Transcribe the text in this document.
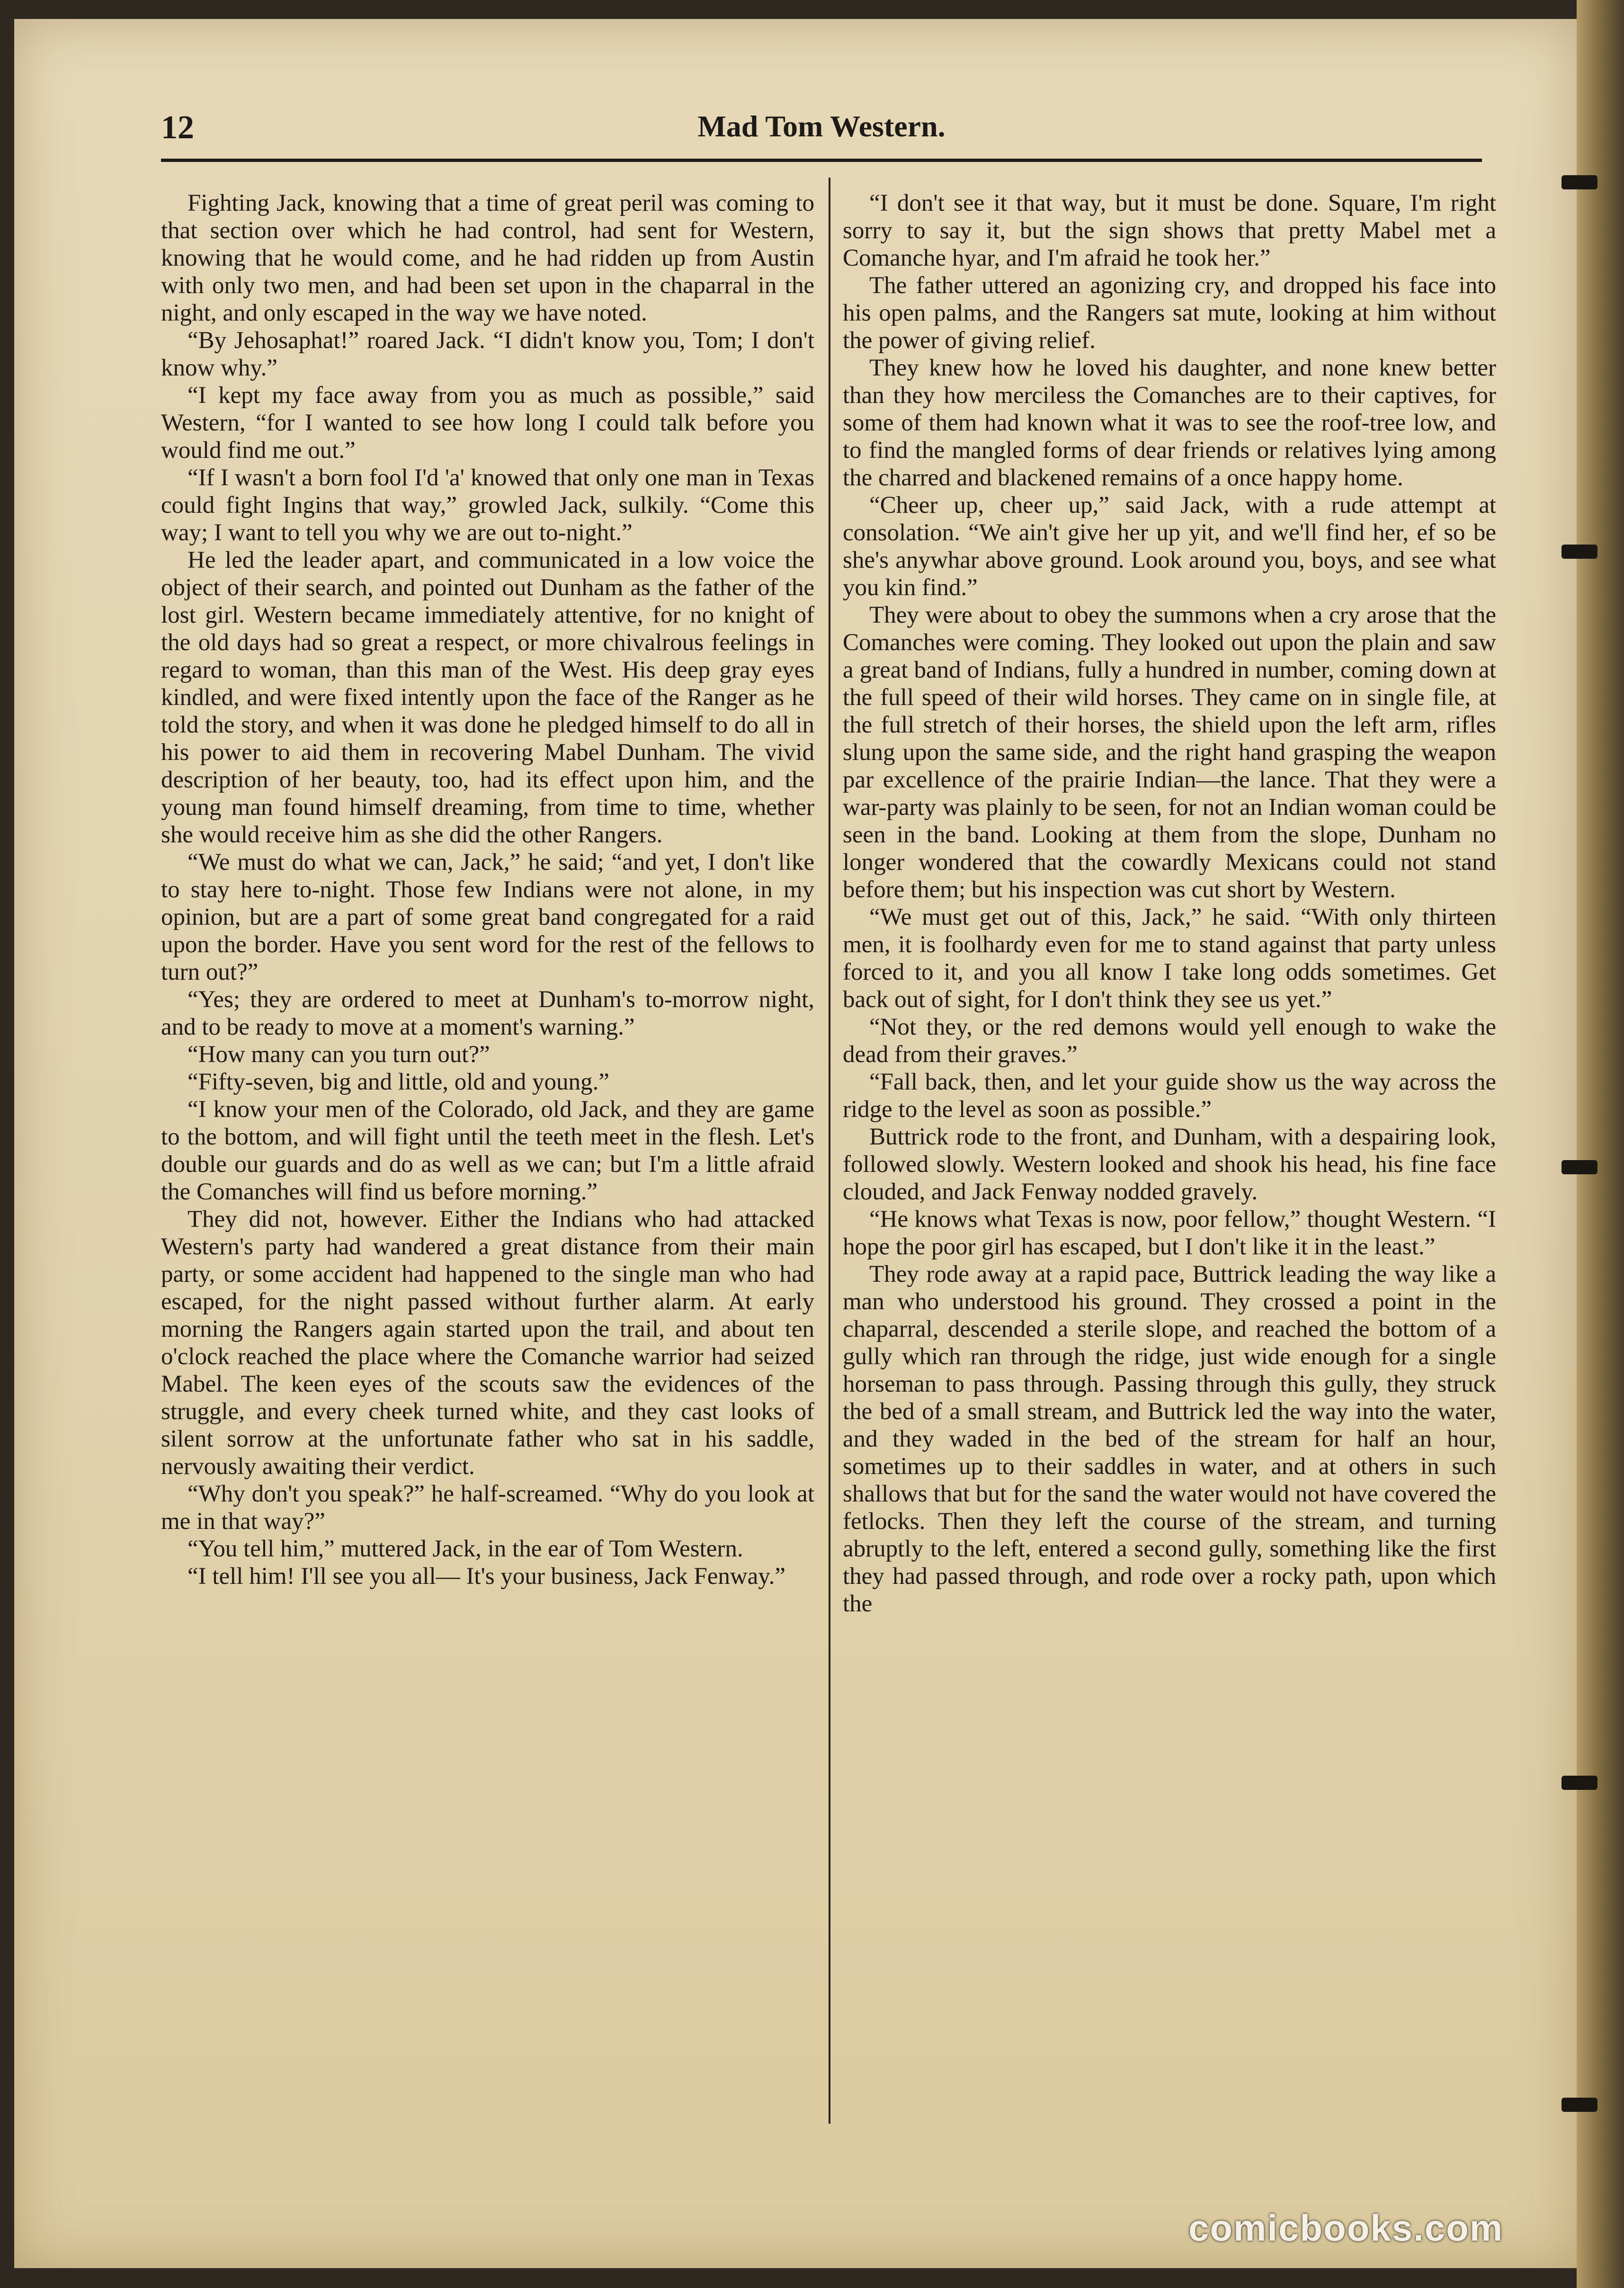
Mad Tom Western.
12

Fighting Jack, knowing that a time of great peril was coming to that section over which he had control, had sent for Western, knowing that he would come, and he had ridden up from Austin with only two men, and had been set upon in the chaparral in the night, and only escaped in the way we have noted.

“By Jehosaphat!” roared Jack. “I didn't know you, Tom; I don't know why.”

“I kept my face away from you as much as possible,” said Western, “for I wanted to see how long I could talk before you would find me out.”

“If I wasn't a born fool I'd 'a' knowed that only one man in Texas could fight Ingins that way,” growled Jack, sulkily. “Come this way; I want to tell you why we are out to-night.”

He led the leader apart, and communicated in a low voice the object of their search, and pointed out Dunham as the father of the lost girl. Western became immediately attentive, for no knight of the old days had so great a respect, or more chivalrous feelings in regard to woman, than this man of the West. His deep gray eyes kindled, and were fixed intently upon the face of the Ranger as he told the story, and when it was done he pledged himself to do all in his power to aid them in recovering Mabel Dunham. The vivid description of her beauty, too, had its effect upon him, and the young man found himself dreaming, from time to time, whether she would receive him as she did the other Rangers.

“We must do what we can, Jack,” he said; “and yet, I don't like to stay here to-night. Those few Indians were not alone, in my opinion, but are a part of some great band congregated for a raid upon the border. Have you sent word for the rest of the fellows to turn out?”

“Yes; they are ordered to meet at Dunham's to-morrow night, and to be ready to move at a moment's warning.”

“How many can you turn out?”

“Fifty-seven, big and little, old and young.”

“I know your men of the Colorado, old Jack, and they are game to the bottom, and will fight until the teeth meet in the flesh. Let's double our guards and do as well as we can; but I'm a little afraid the Comanches will find us before morning.”

They did not, however. Either the Indians who had attacked Western's party had wandered a great distance from their main party, or some accident had happened to the single man who had escaped, for the night passed without further alarm. At early morning the Rangers again started upon the trail, and about ten o'clock reached the place where the Comanche warrior had seized Mabel. The keen eyes of the scouts saw the evidences of the struggle, and every cheek turned white, and they cast looks of silent sorrow at the unfortunate father who sat in his saddle, nervously awaiting their verdict.

“Why don't you speak?” he half-screamed. “Why do you look at me in that way?”

“You tell him,” muttered Jack, in the ear of Tom Western.

“I tell him! I'll see you all— It's your business, Jack Fenway.”

“I don't see it that way, but it must be done. Square, I'm right sorry to say it, but the sign shows that pretty Mabel met a Comanche hyar, and I'm afraid he took her.”

The father uttered an agonizing cry, and dropped his face into his open palms, and the Rangers sat mute, looking at him without the power of giving relief.

They knew how he loved his daughter, and none knew better than they how merciless the Comanches are to their captives, for some of them had known what it was to see the roof-tree low, and to find the mangled forms of dear friends or relatives lying among the charred and blackened remains of a once happy home.

“Cheer up, cheer up,” said Jack, with a rude attempt at consolation. “We ain't give her up yit, and we'll find her, ef so be she's anywhar above ground. Look around you, boys, and see what you kin find.”

They were about to obey the summons when a cry arose that the Comanches were coming. They looked out upon the plain and saw a great band of Indians, fully a hundred in number, coming down at the full speed of their wild horses. They came on in single file, at the full stretch of their horses, the shield upon the left arm, rifles slung upon the same side, and the right hand grasping the weapon par excellence of the prairie Indian—the lance. That they were a war-party was plainly to be seen, for not an Indian woman could be seen in the band. Looking at them from the slope, Dunham no longer wondered that the cowardly Mexicans could not stand before them; but his inspection was cut short by Western.

“We must get out of this, Jack,” he said. “With only thirteen men, it is foolhardy even for me to stand against that party unless forced to it, and you all know I take long odds sometimes. Get back out of sight, for I don't think they see us yet.”

“Not they, or the red demons would yell enough to wake the dead from their graves.”

“Fall back, then, and let your guide show us the way across the ridge to the level as soon as possible.”

Buttrick rode to the front, and Dunham, with a despairing look, followed slowly. Western looked and shook his head, his fine face clouded, and Jack Fenway nodded gravely.

“He knows what Texas is now, poor fellow,” thought Western. “I hope the poor girl has escaped, but I don't like it in the least.”

They rode away at a rapid pace, Buttrick leading the way like a man who understood his ground. They crossed a point in the chaparral, descended a sterile slope, and reached the bottom of a gully which ran through the ridge, just wide enough for a single horseman to pass through. Passing through this gully, they struck the bed of a small stream, and Buttrick led the way into the water, and they waded in the bed of the stream for half an hour, sometimes up to their saddles in water, and at others in such shallows that but for the sand the water would not have covered the fetlocks. Then they left the course of the stream, and turning abruptly to the left, entered a second gully, something like the first they had passed through, and rode over a rocky path, upon which the

comicbooks.com
